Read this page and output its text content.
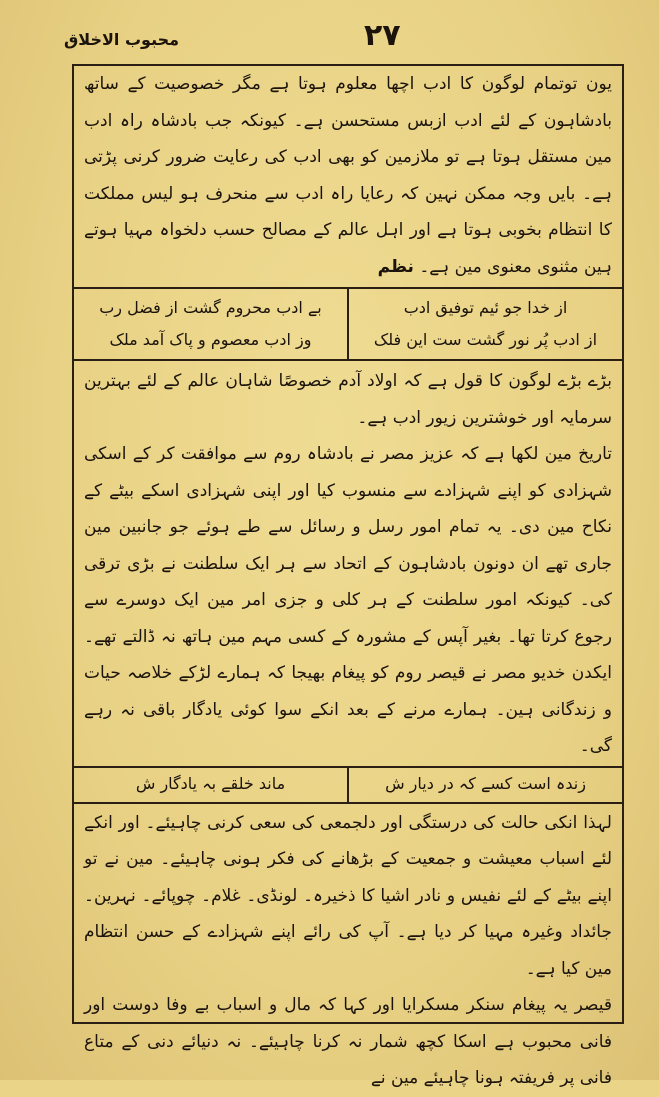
٢٧
محبوب الاخلاق

یون توتمام لوگون کا ادب اچھا معلوم ہوتا ہے مگر خصوصیت کے ساتھ بادشاہون کے لئے ادب ازبس مستحسن ہے۔ کیونکہ جب بادشاہ راہ ادب مین مستقل ہوتا ہے تو ملازمین کو بھی ادب کی رعایت ضرور کرنی پڑتی ہے۔ بایں وجہ ممکن نہین کہ رعایا راہ ادب سے منحرف ہو لیس مملکت کا انتظام بخوبی ہوتا ہے اور اہل عالم کے مصالح حسب دلخواہ مہیا ہوتے ہین مثنوی معنوی مین ہے۔ نظم

از خدا جو ئیم توفیق ادب
از ادب پُر نور گشت ست این فلک
بے ادب محروم گشت از فضل رب
وز ادب معصوم و پاک آمد ملک

بڑے بڑے لوگون کا قول ہے کہ اولاد آدم خصوصًا شاہان عالم کے لئے بہترین سرمایہ اور خوشترین زیور ادب ہے۔

تاریخ مین لکھا ہے کہ عزیز مصر نے بادشاہ روم سے موافقت کر کے اسکی شہزادی کو اپنے شہزادے سے منسوب کیا اور اپنی شہزادی اسکے بیٹے کے نکاح مین دی۔ یہ تمام امور رسل و رسائل سے طے ہوئے جو جانبین مین جاری تھے ان دونون بادشاہون کے اتحاد سے ہر ایک سلطنت نے بڑی ترقی کی۔ کیونکہ امور سلطنت کے ہر کلی و جزی امر مین ایک دوسرے سے رجوع کرتا تھا۔ بغیر آپس کے مشورہ کے کسی مہم مین ہاتھ نہ ڈالتے تھے۔ ایکدن خدیو مصر نے قیصر روم کو پیغام بھیجا کہ ہمارے لڑکے خلاصہ حیات و زندگانی ہین۔ ہمارے مرنے کے بعد انکے سوا کوئی یادگار باقی نہ رہے گی۔

زندہ است کسے کہ در دیار ش
ماند خلقے بہ یادگار ش

لہذا انکی حالت کی درستگی اور دلجمعی کی سعی کرنی چاہیئے۔ اور انکے لئے اسباب معیشت و جمعیت کے بڑھانے کی فکر ہونی چاہیئے۔ مین نے تو اپنے بیٹے کے لئے نفیس و نادر اشیا کا ذخیرہ۔ لونڈی۔ غلام۔ چوپائے۔ نہرین۔ جائداد وغیرہ مہیا کر دیا ہے۔ آپ کی رائے اپنے شہزادے کے حسن انتظام مین کیا ہے۔

قیصر یہ پیغام سنکر مسکرایا اور کہا کہ مال و اسباب بے وفا دوست اور فانی محبوب ہے اسکا کچھ شمار نہ کرنا چاہیئے۔ نہ دنیائے دنی کے متاع فانی پر فریفتہ ہونا چاہیئے مین نے
